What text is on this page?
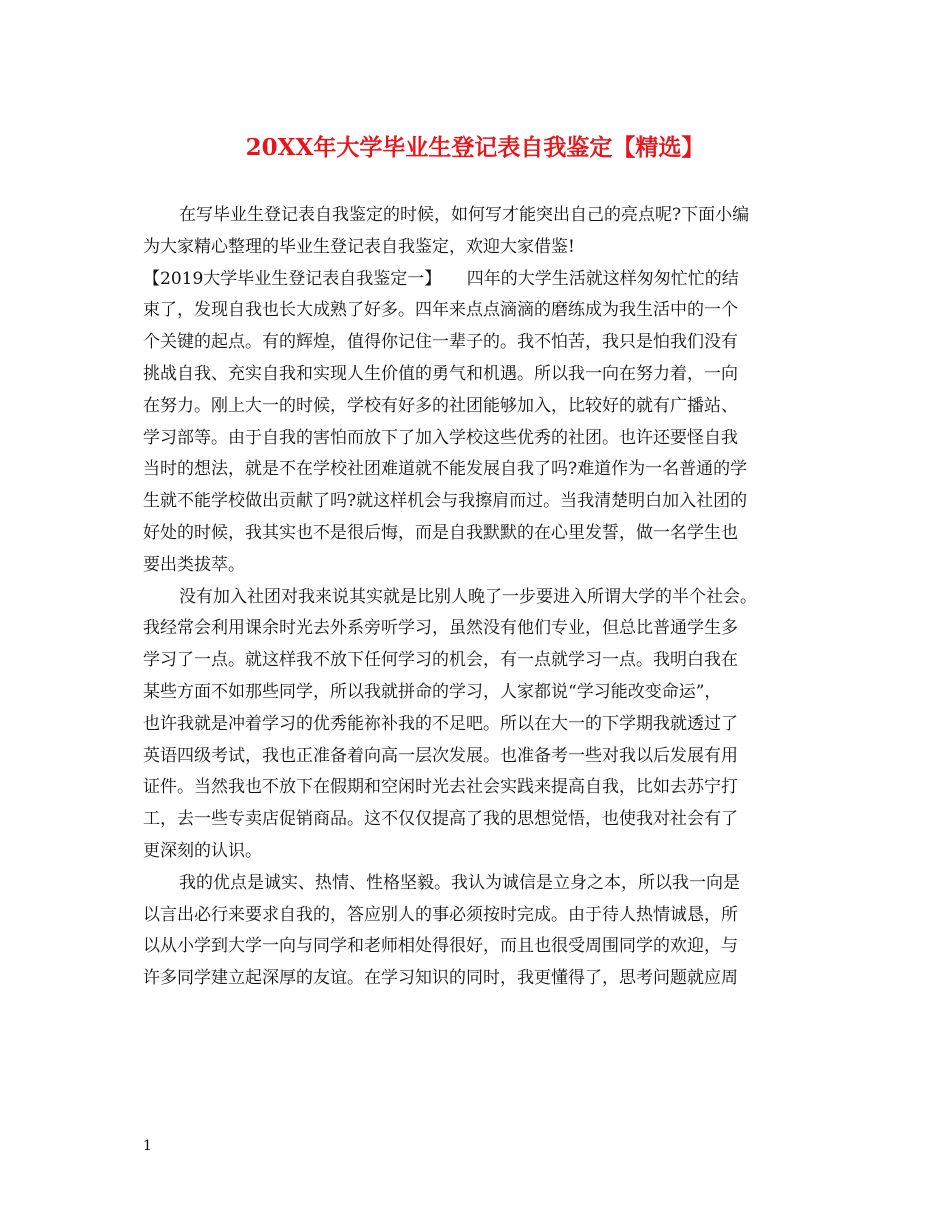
20XX年大学毕业生登记表自我鉴定【精选】
在写毕业生登记表自我鉴定的时候，如何写才能突出自己的亮点呢?下面小编
为大家精心整理的毕业生登记表自我鉴定，欢迎大家借鉴!
【2019大学毕业生登记表自我鉴定一】　　四年的大学生活就这样匆匆忙忙的结
束了，发现自我也长大成熟了好多。四年来点点滴滴的磨练成为我生活中的一个
个关键的起点。有的辉煌，值得你记住一辈子的。我不怕苦，我只是怕我们没有
挑战自我、充实自我和实现人生价值的勇气和机遇。所以我一向在努力着，一向
在努力。刚上大一的时候，学校有好多的社团能够加入，比较好的就有广播站、
学习部等。由于自我的害怕而放下了加入学校这些优秀的社团。也许还要怪自我
当时的想法，就是不在学校社团难道就不能发展自我了吗?难道作为一名普通的学
生就不能学校做出贡献了吗?就这样机会与我擦肩而过。当我清楚明白加入社团的
好处的时候，我其实也不是很后悔，而是自我默默的在心里发誓，做一名学生也
要出类拔萃。
没有加入社团对我来说其实就是比别人晚了一步要进入所谓大学的半个社会。
我经常会利用课余时光去外系旁听学习，虽然没有他们专业，但总比普通学生多
学习了一点。就这样我不放下任何学习的机会，有一点就学习一点。我明白我在
某些方面不如那些同学，所以我就拼命的学习，人家都说“学习能改变命运”，
也许我就是冲着学习的优秀能祢补我的不足吧。所以在大一的下学期我就透过了
英语四级考试，我也正准备着向高一层次发展。也准备考一些对我以后发展有用
证件。当然我也不放下在假期和空闲时光去社会实践来提高自我，比如去苏宁打
工，去一些专卖店促销商品。这不仅仅提高了我的思想觉悟，也使我对社会有了
更深刻的认识。
我的优点是诚实、热情、性格坚毅。我认为诚信是立身之本，所以我一向是
以言出必行来要求自我的，答应别人的事必须按时完成。由于待人热情诚恳，所
以从小学到大学一向与同学和老师相处得很好，而且也很受周围同学的欢迎，与
许多同学建立起深厚的友谊。在学习知识的同时，我更懂得了，思考问题就应周
1
